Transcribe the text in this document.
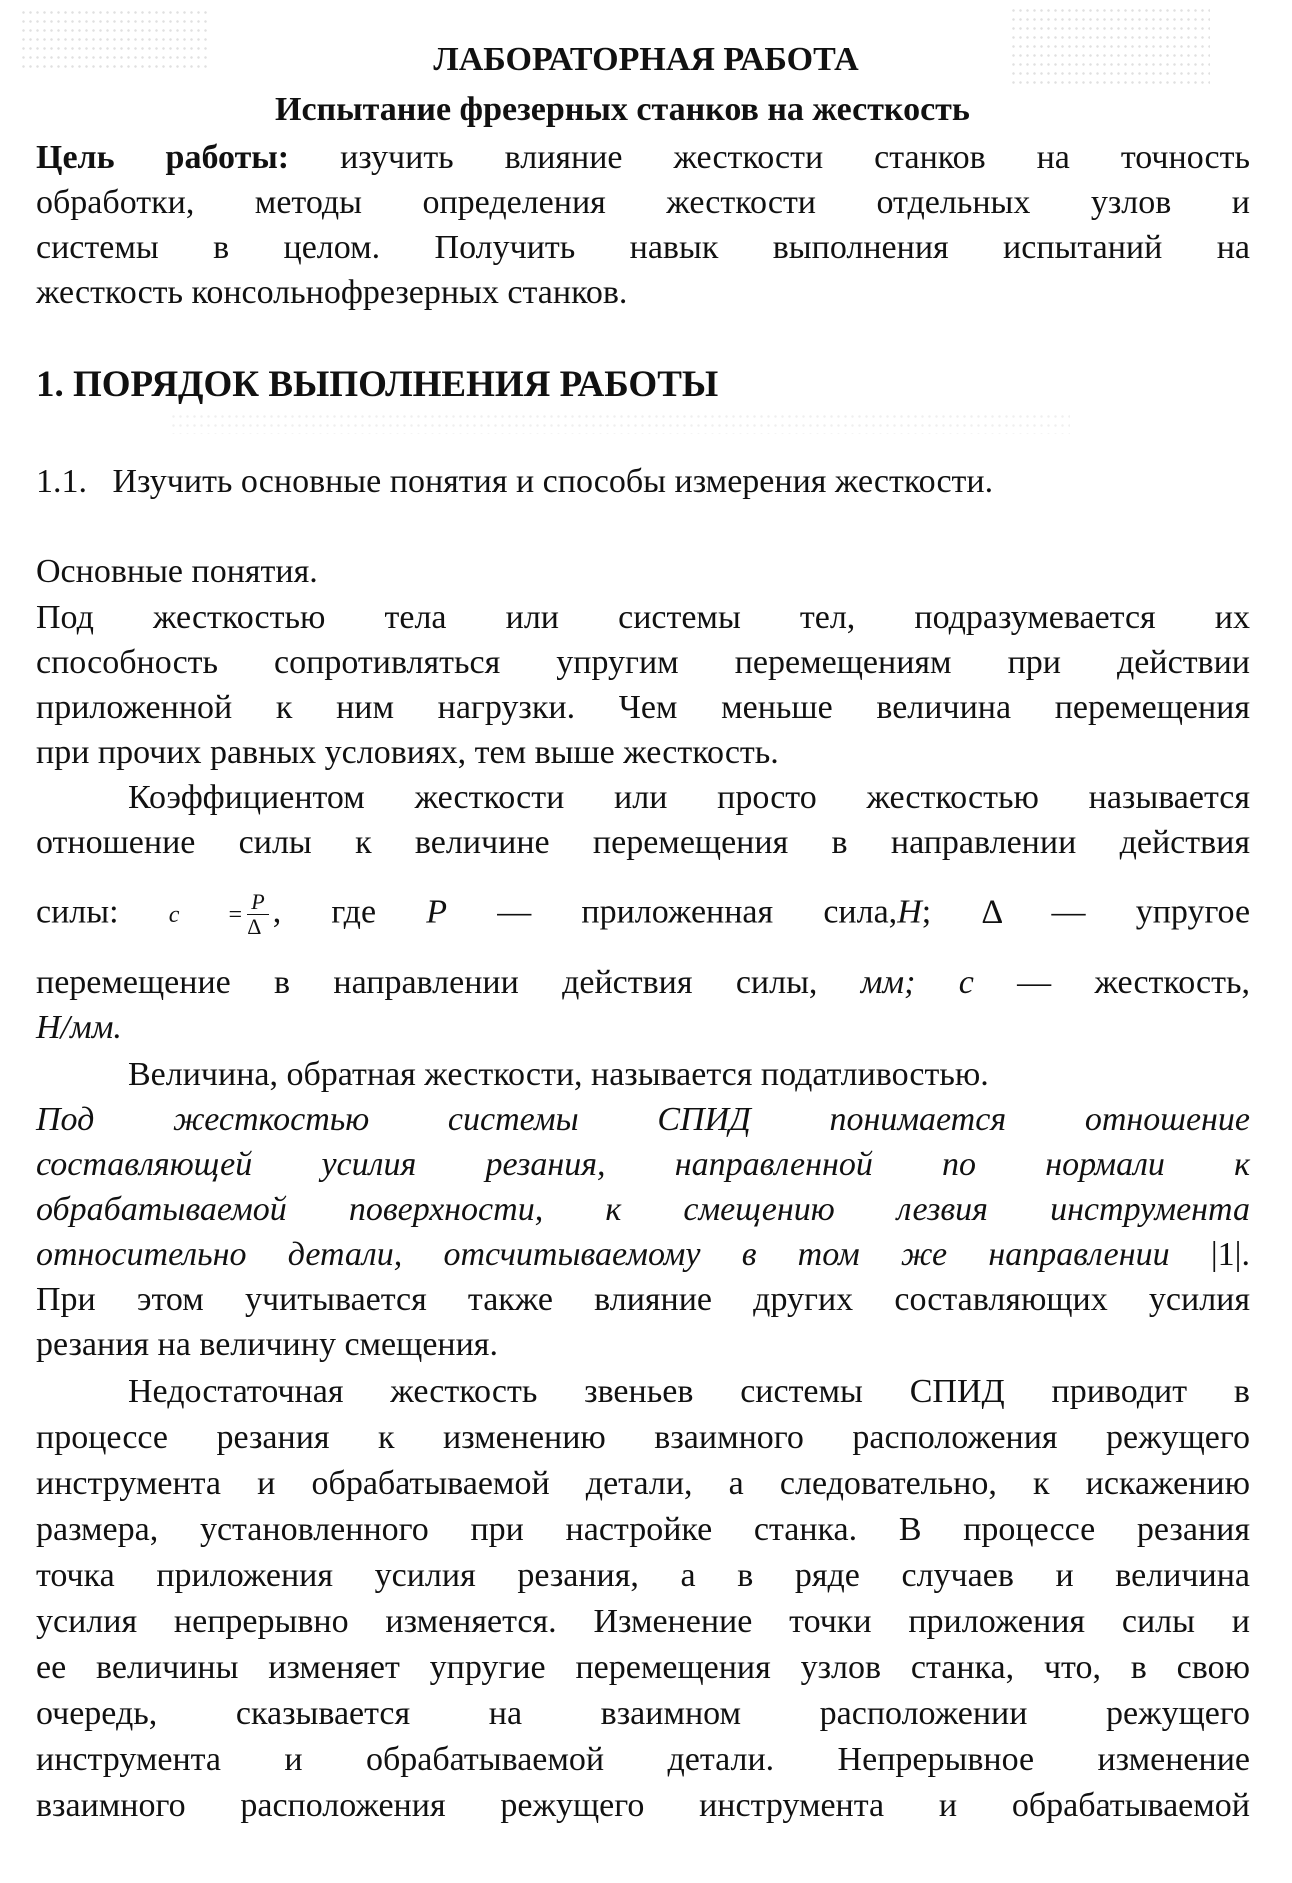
ЛАБОРАТОРНАЯ РАБОТА
Испытание фрезерных станков на жесткость
Цель работы: изучить влияние жесткости станков на точность
обработки, методы определения жесткости отдельных узлов и
системы в целом. Получить навык выполнения испытаний на
жесткость консольнофрезерных станков.
1. ПОРЯДОК ВЫПОЛНЕНИЯ РАБОТЫ
1.1. Изучить основные понятия и способы измерения жесткости.
Основные понятия.
Под жесткостью тела или системы тел, подразумевается их
способность сопротивляться упругим перемещениям при действии
приложенной к ним нагрузки. Чем меньше величина перемещения
при прочих равных условиях, тем выше жесткость.
Коэффициентом жесткости или просто жесткостью называется
отношение силы к величине перемещения в направлении действия
силы: $c = \frac{P}{\Delta}$ , где P — приложенная сила,Н; Δ — упругое
перемещение в направлении действия силы, мм; c — жесткость,
Н/мм.
Величина, обратная жесткости, называется податливостью.
Под жесткостью системы СПИД понимается отношение
составляющей усилия резания, направленной по нормали к
обрабатываемой поверхности, к смещению лезвия инструмента
относительно детали, отсчитываемому в том же направлении |1|.
При этом учитывается также влияние других составляющих усилия
резания на величину смещения.
Недостаточная жесткость звеньев системы СПИД приводит в
процессе резания к изменению взаимного расположения режущего
инструмента и обрабатываемой детали, а следовательно, к искажению
размера, установленного при настройке станка. В процессе резания
точка приложения усилия резания, а в ряде случаев и величина
усилия непрерывно изменяется. Изменение точки приложения силы и
ее величины изменяет упругие перемещения узлов станка, что, в свою
очередь, сказывается на взаимном расположении режущего
инструмента и обрабатываемой детали. Непрерывное изменение
взаимного расположения режущего инструмента и обрабатываемой
